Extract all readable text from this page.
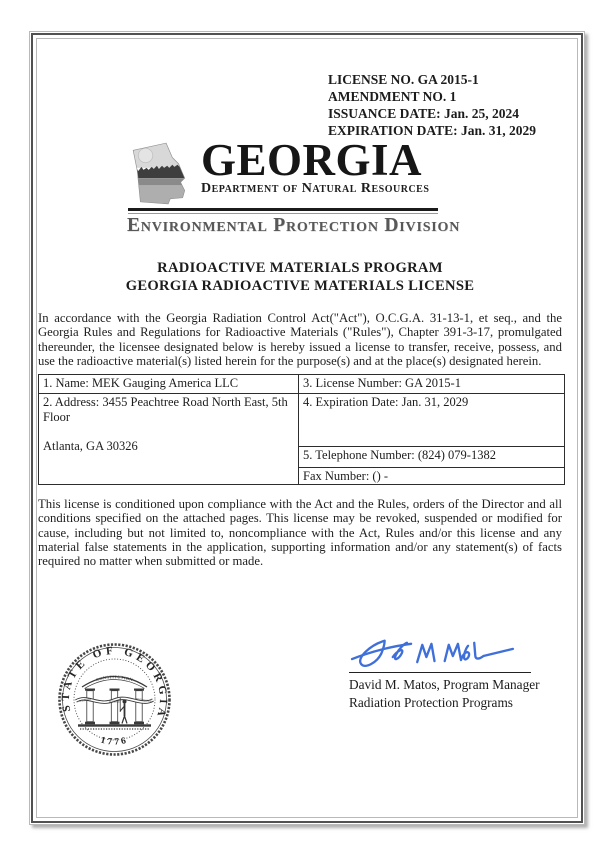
LICENSE NO. GA 2015-1
AMENDMENT NO. 1
ISSUANCE DATE: Jan. 25, 2024
EXPIRATION DATE: Jan. 31, 2029
GEORGIA
Department of Natural Resources
Environmental Protection Division
RADIOACTIVE MATERIALS PROGRAM
GEORGIA RADIOACTIVE MATERIALS LICENSE
In accordance with the Georgia Radiation Control Act("Act"), O.C.G.A. 31-13-1, et seq., and the Georgia Rules and Regulations for Radioactive Materials ("Rules"), Chapter 391-3-17, promulgated thereunder, the licensee designated below is hereby issued a license to transfer, receive, possess, and use the radioactive material(s) listed herein for the purpose(s) and at the place(s) designated herein.
1. Name: MEK Gauging America LLC
2. Address: 3455 Peachtree Road North East, 5th Floor
Atlanta, GA 30326
3. License Number: GA 2015-1
4. Expiration Date: Jan. 31, 2029
5. Telephone Number: (824) 079-1382
Fax Number: () -
This license is conditioned upon compliance with the Act and the Rules, orders of the Director and all conditions specified on the attached pages. This license may be revoked, suspended or modified for cause, including but not limited to, noncompliance with the Act, Rules and/or this license and any material false statements in the application, supporting information and/or any statement(s) of facts required no matter when submitted or made.
STATE OF GEORGIA
1776
CONSTITUTION
WISDOM	JUSTICE	MODERATION
David M. Matos, Program Manager
Radiation Protection Programs
